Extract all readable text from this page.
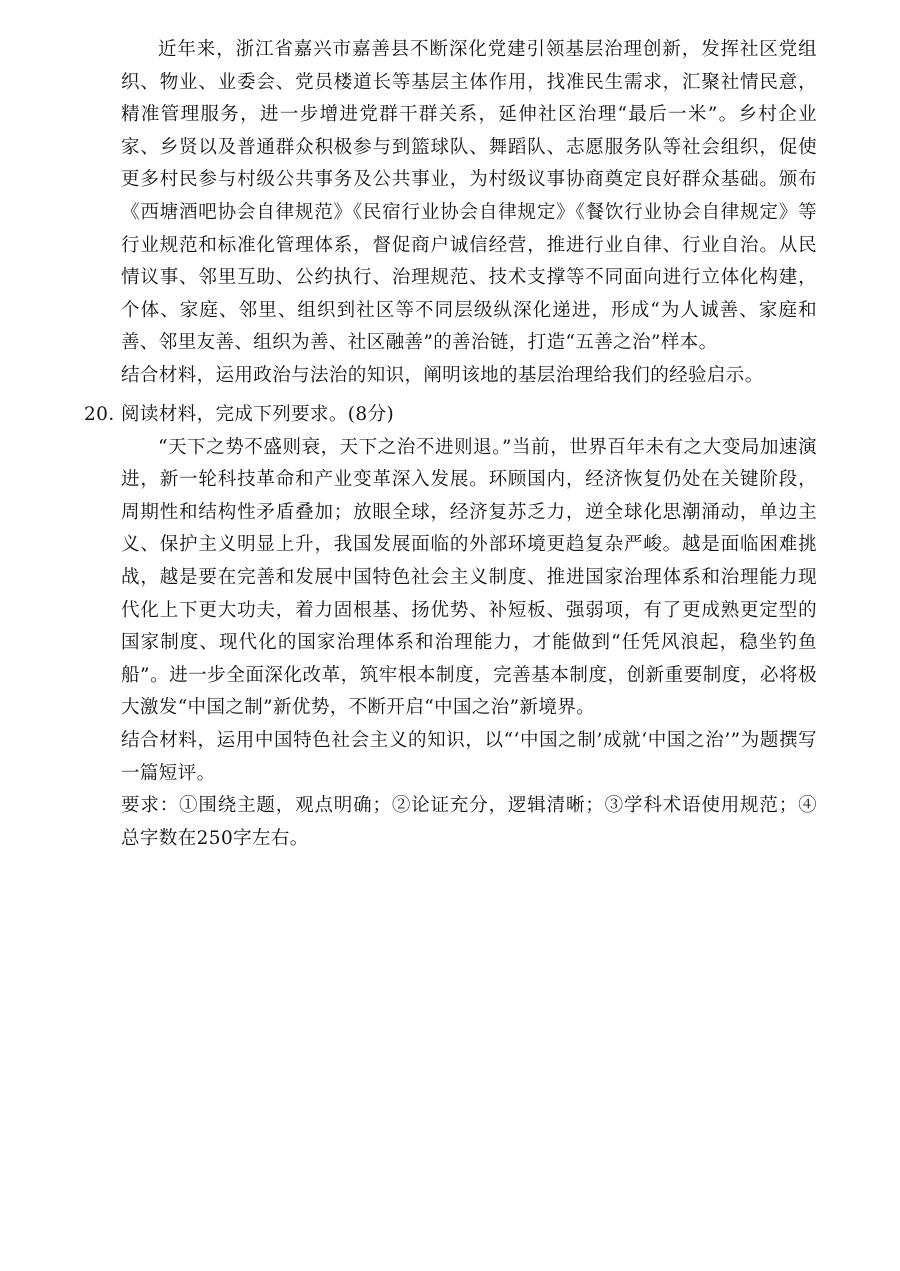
近年来，浙江省嘉兴市嘉善县不断深化党建引领基层治理创新，发挥社区党组织、物业、业委会、党员楼道长等基层主体作用，找准民生需求，汇聚社情民意，精准管理服务，进一步增进党群干群关系，延伸社区治理“最后一米”。乡村企业家、乡贤以及普通群众积极参与到篮球队、舞蹈队、志愿服务队等社会组织，促使更多村民参与村级公共事务及公共事业，为村级议事协商奠定良好群众基础。颁布《西塘酒吧协会自律规范》《民宿行业协会自律规定》《餐饮行业协会自律规定》等行业规范和标准化管理体系，督促商户诚信经营，推进行业自律、行业自治。从民情议事、邻里互助、公约执行、治理规范、技术支撑等不同面向进行立体化构建，个体、家庭、邻里、组织到社区等不同层级纵深化递进，形成“为人诚善、家庭和善、邻里友善、组织为善、社区融善”的善治链，打造“五善之治”样本。

结合材料，运用政治与法治的知识，阐明该地的基层治理给我们的经验启示。

20．
阅读材料，完成下列要求。(8分)

“天下之势不盛则衰，天下之治不进则退。”当前，世界百年未有之大变局加速演进，新一轮科技革命和产业变革深入发展。环顾国内，经济恢复仍处在关键阶段，周期性和结构性矛盾叠加；放眼全球，经济复苏乏力，逆全球化思潮涌动，单边主义、保护主义明显上升，我国发展面临的外部环境更趋复杂严峻。越是面临困难挑战，越是要在完善和发展中国特色社会主义制度、推进国家治理体系和治理能力现代化上下更大功夫，着力固根基、扬优势、补短板、强弱项，有了更成熟更定型的国家制度、现代化的国家治理体系和治理能力，才能做到“任凭风浪起，稳坐钓鱼船”。进一步全面深化改革，筑牢根本制度，完善基本制度，创新重要制度，必将极大激发“中国之制”新优势，不断开启“中国之治”新境界。

结合材料，运用中国特色社会主义的知识，以“‘中国之制’成就‘中国之治’”为题撰写一篇短评。

要求：①围绕主题，观点明确；②论证充分，逻辑清晰；③学科术语使用规范；④总字数在250字左右。
